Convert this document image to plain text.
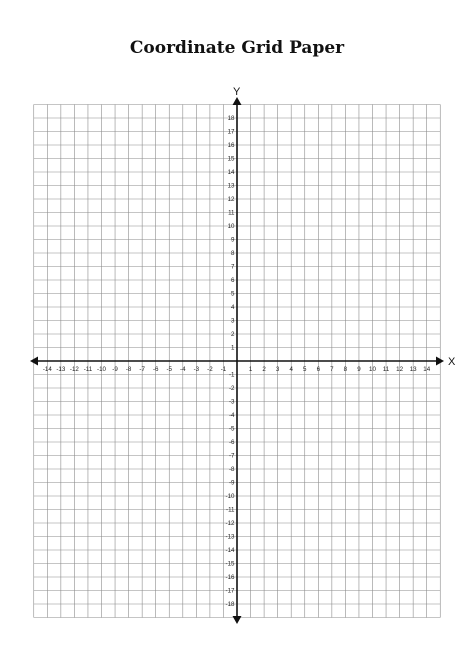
Coordinate Grid Paper
-14 -13 -12 -11 -10 -9 -8 -7 -6 -5 -4 -3 -2 -1	1 2 3 4 5 6 7 8 9 10 11 12 13 14
18
17
16
15
14
13
12
11
10
9
8
7
6
5
4
3
2
1
-1
-2
-3
-4
-5
-6
-7
-8
-9
-10
-11
-12
-13
-14
-15
-16
-17
-18
X
Y
